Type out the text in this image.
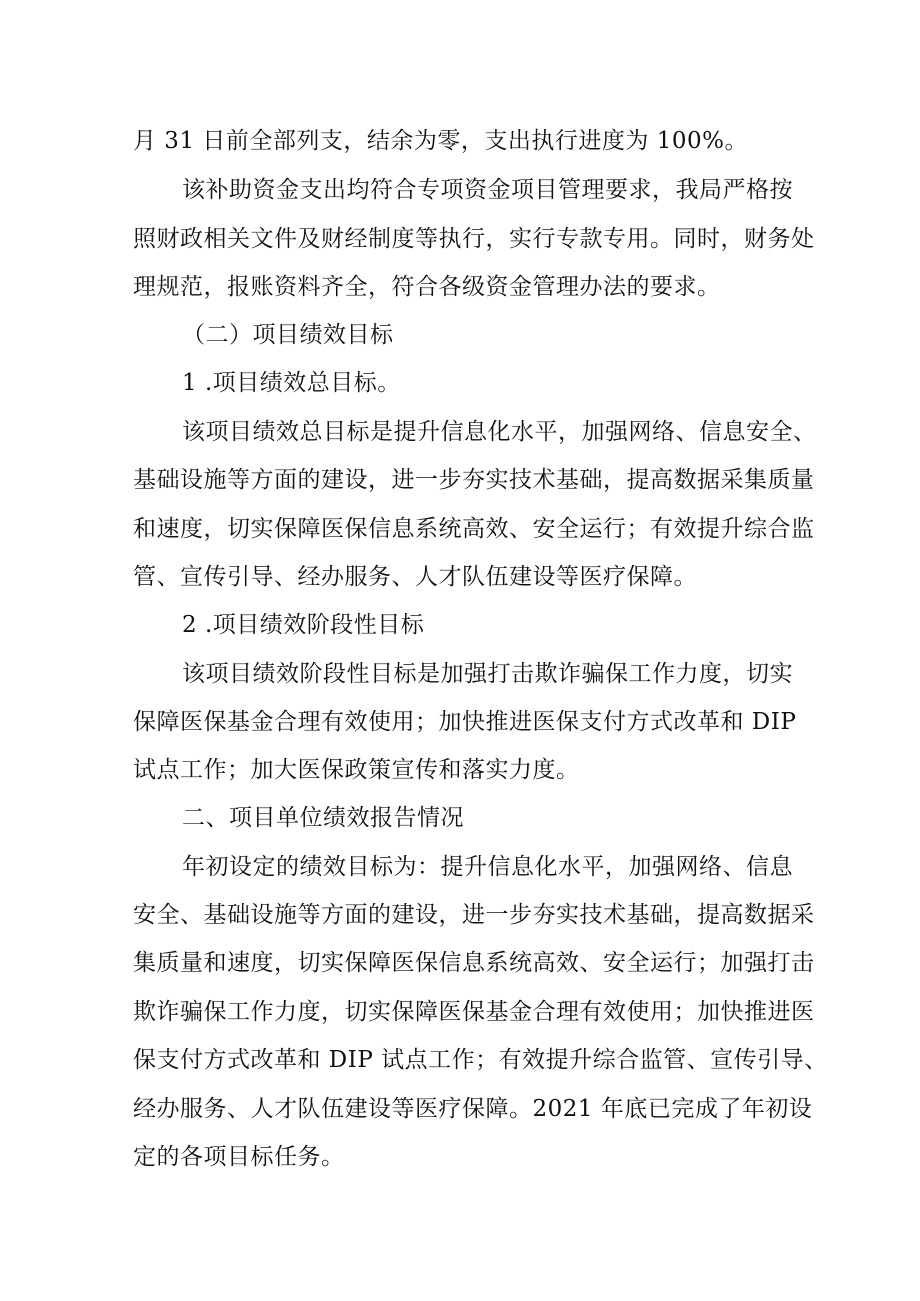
月 31 日前全部列支，结余为零，支出执行进度为 100%。
该补助资金支出均符合专项资金项目管理要求，我局严格按
照财政相关文件及财经制度等执行，实行专款专用。同时，财务处
理规范，报账资料齐全，符合各级资金管理办法的要求。
（二）项目绩效目标
1 .项目绩效总目标。
该项目绩效总目标是提升信息化水平，加强网络、信息安全、
基础设施等方面的建设，进一步夯实技术基础，提高数据采集质量
和速度，切实保障医保信息系统高效、安全运行；有效提升综合监
管、宣传引导、经办服务、人才队伍建设等医疗保障。
2 .项目绩效阶段性目标
该项目绩效阶段性目标是加强打击欺诈骗保工作力度，切实
保障医保基金合理有效使用；加快推进医保支付方式改革和 DIP
试点工作；加大医保政策宣传和落实力度。
二、项目单位绩效报告情况
年初设定的绩效目标为：提升信息化水平，加强网络、信息
安全、基础设施等方面的建设，进一步夯实技术基础，提高数据采
集质量和速度，切实保障医保信息系统高效、安全运行；加强打击
欺诈骗保工作力度，切实保障医保基金合理有效使用；加快推进医
保支付方式改革和 DIP 试点工作；有效提升综合监管、宣传引导、
经办服务、人才队伍建设等医疗保障。2021 年底已完成了年初设
定的各项目标任务。
